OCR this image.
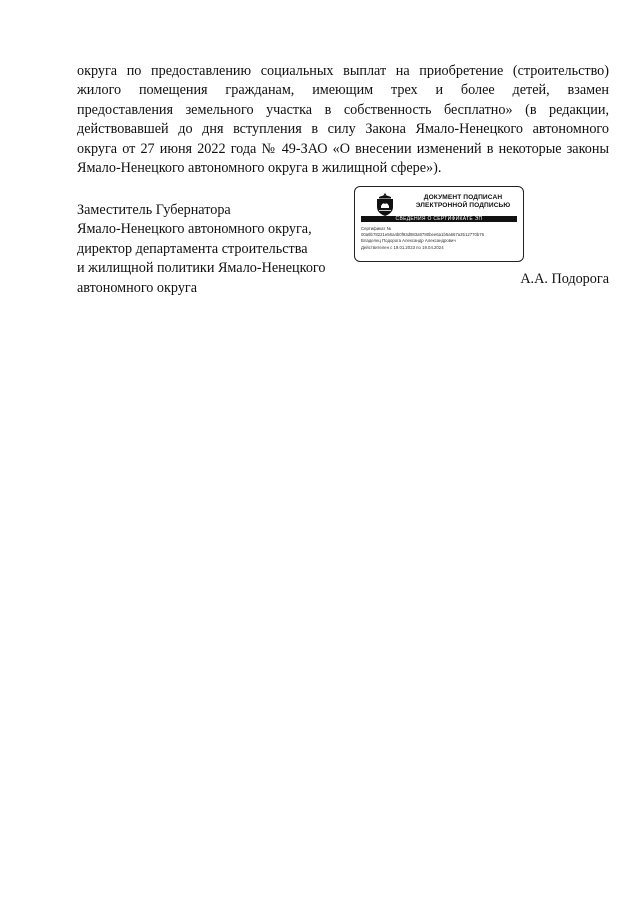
округа по предоставлению социальных выплат на приобретение (строительство)
жилого помещения гражданам, имеющим трех и более детей, взамен
предоставления земельного участка в собственность бесплатно» (в редакции,
действовавшей до дня вступления в силу Закона Ямало-Ненецкого автономного
округа от 27 июня 2022 года № 49-ЗАО «О внесении изменений в некоторые законы
Ямало-Ненецкого автономного округа в жилищной сфере»).
Заместитель Губернатора
Ямало-Ненецкого автономного округа,
директор департамента строительства
и жилищной политики Ямало-Ненецкого
автономного округа
А.А. Подорога
ДОКУМЕНТ ПОДПИСАН
ЭЛЕКТРОННОЙ ПОДПИСЬЮ
СВЕДЕНИЯ О СЕРТИФИКАТЕ ЭП
Сертификат №
00a9b78221e56a4b0f93d983a9780bee6a1b5a667a3512770b76
Владелец Подорога Александр Александрович
Действителен с 19.01.2023 по 19.04.2024
